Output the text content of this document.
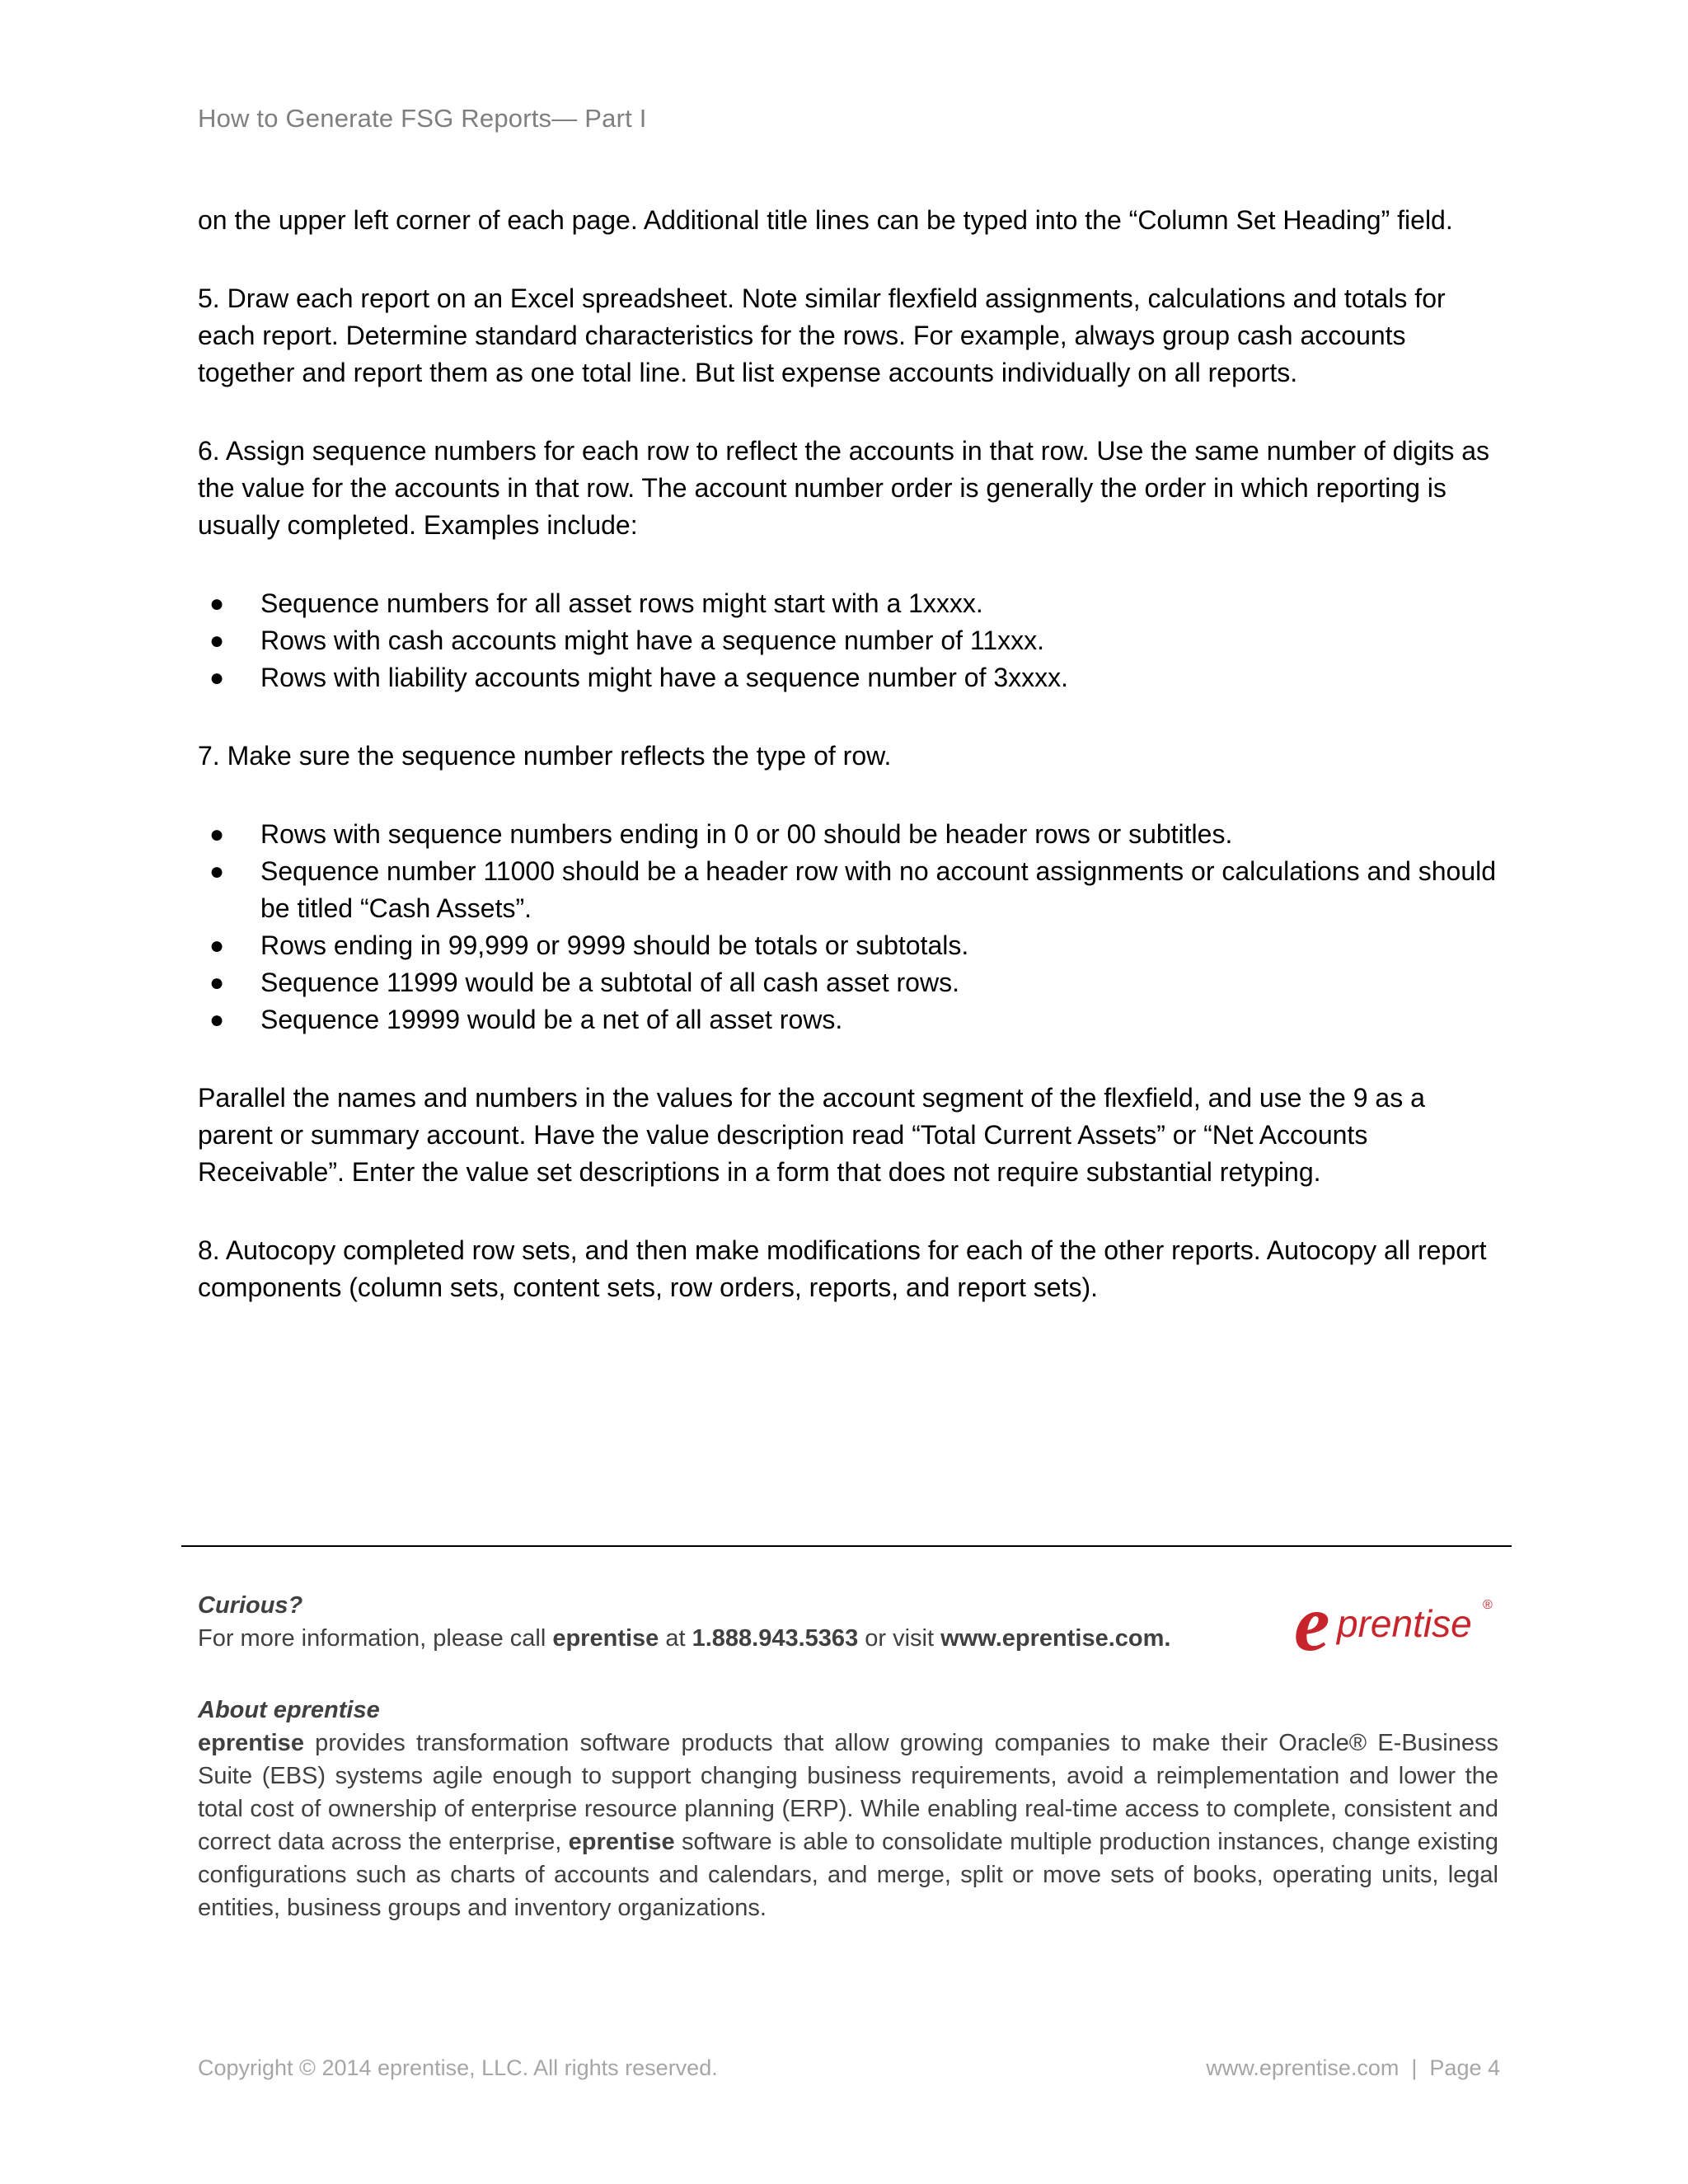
How to Generate FSG Reports— Part I

on the upper left corner of each page. Additional title lines can be typed into the “Column Set Heading” field.

5. Draw each report on an Excel spreadsheet. Note similar flexfield assignments, calculations and totals for each report. Determine standard characteristics for the rows. For example, always group cash accounts together and report them as one total line. But list expense accounts individually on all reports.

6. Assign sequence numbers for each row to reflect the accounts in that row. Use the same number of digits as the value for the accounts in that row. The account number order is generally the order in which reporting is usually completed. Examples include:

● Sequence numbers for all asset rows might start with a 1xxxx.
● Rows with cash accounts might have a sequence number of 11xxx.
● Rows with liability accounts might have a sequence number of 3xxxx.

7. Make sure the sequence number reflects the type of row.

● Rows with sequence numbers ending in 0 or 00 should be header rows or subtitles.
● Sequence number 11000 should be a header row with no account assignments or calculations and should be titled “Cash Assets”.
● Rows ending in 99,999 or 9999 should be totals or subtotals.
● Sequence 11999 would be a subtotal of all cash asset rows.
● Sequence 19999 would be a net of all asset rows.

Parallel the names and numbers in the values for the account segment of the flexfield, and use the 9 as a parent or summary account. Have the value description read “Total Current Assets” or “Net Accounts Receivable”. Enter the value set descriptions in a form that does not require substantial retyping.

8. Autocopy completed row sets, and then make modifications for each of the other reports. Autocopy all report components (column sets, content sets, row orders, reports, and report sets).

Curious?
For more information, please call eprentise at 1.888.943.5363 or visit www.eprentise.com.	e prentise ®
About eprentise
eprentise provides transformation software products that allow growing companies to make their Oracle® E-Business Suite (EBS) systems agile enough to support changing business requirements, avoid a reimplementation and lower the total cost of ownership of enterprise resource planning (ERP). While enabling real-time access to complete, consistent and correct data across the enterprise, eprentise software is able to consolidate multiple production instances, change existing configurations such as charts of accounts and calendars, and merge, split or move sets of books, operating units, legal entities, business groups and inventory organizations.
Copyright © 2014 eprentise, LLC. All rights reserved.	www.eprentise.com  |  Page 4
